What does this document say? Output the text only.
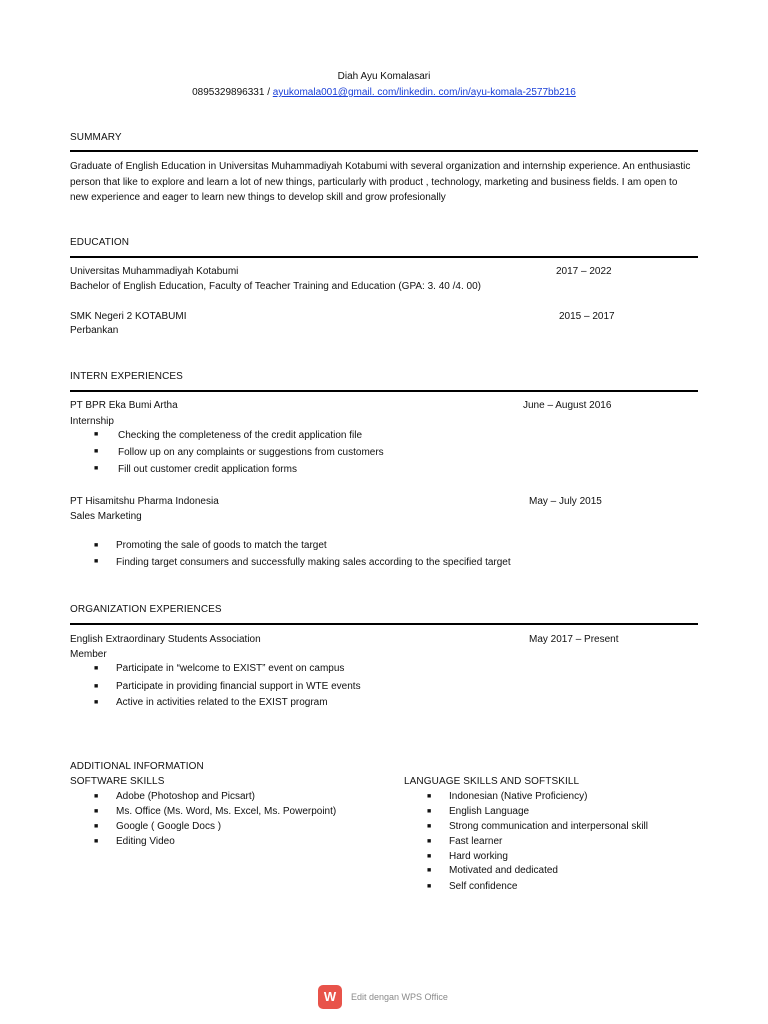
Diah Ayu Komalasari
0895329896331 / ayukomala001@gmail. com/linkedin. com/in/ayu-komala-2577bb216
SUMMARY
Graduate of English Education in Universitas Muhammadiyah Kotabumi with several organization and internship experience. An enthusiastic
person that like to explore and learn a lot of new things, particularly with product , technology, marketing and business fields. I am open to
new experience and eager to learn new things to develop skill and grow profesionally
EDUCATION
Universitas Muhammadiyah Kotabumi	2017 – 2022
Bachelor of English Education, Faculty of Teacher Training and Education (GPA: 3. 40 /4. 00)
SMK Negeri 2 KOTABUMI	2015 – 2017
Perbankan
INTERN EXPERIENCES
PT BPR Eka Bumi Artha	June – August 2016
Internship
■ Checking the completeness of the credit application file
■ Follow up on any complaints or suggestions from customers
■ Fill out customer credit application forms
PT Hisamitshu Pharma Indonesia	May – July 2015
Sales Marketing
■ Promoting the sale of goods to match the target
■ Finding target consumers and successfully making sales according to the specified target
ORGANIZATION EXPERIENCES
English Extraordinary Students Association	May 2017 – Present
Member
■ Participate in “welcome to EXIST” event on campus
■ Participate in providing financial support in WTE events
■ Active in activities related to the EXIST program
ADDITIONAL INFORMATION
SOFTWARE SKILLS	LANGUAGE SKILLS AND SOFTSKILL
■ Adobe (Photoshop and Picsart)
■ Ms. Office (Ms. Word, Ms. Excel, Ms. Powerpoint)
■ Google ( Google Docs )
■ Editing Video
■ Indonesian (Native Proficiency)
■ English Language
■ Strong communication and interpersonal skill
■ Fast learner
■ Hard working
■ Motivated and dedicated
■ Self confidence
W	Edit dengan WPS Office
